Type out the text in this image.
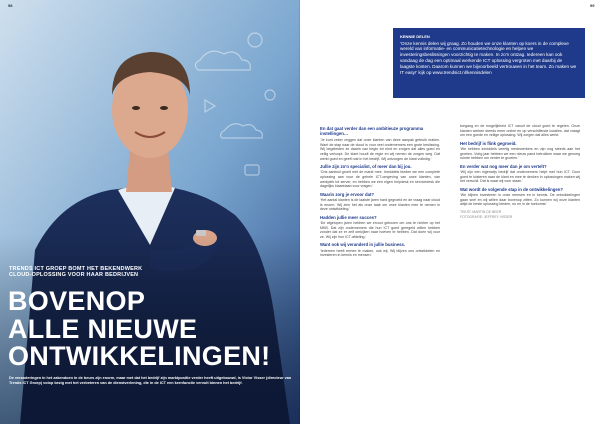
98
TRENDS ICT GROEP BOMT HET BEKENDWERK
CLOUD-OPLOSSING VOOR HAAR BEDRIJVEN
BOVENOP
ALLE NIEUWE
ONTWIKKELINGEN!

De veranderingen in het zakendoen in de beurs zijn enorm, maar met dat het bedrijf zijn marktpositie verder heeft uitgebouwd, is Victor Visser (directeur van Trends ICT Groep) volop bezig met het verbeteren van de dienstverlening, die in de ICT een kernfunctie vervult binnen het bedrijf.

99
KENNIE DELEN
‘Onze kennis delen wij graag. Zo houden we onze klanten op koers in de complexe wereld van informatie- en communicatietechnologie en helpen we investeringsbeslissingen voorzichtig te maken. In zo'n ontzag. Iedereen kan ook vandaag de dag een optimaal werkende ICT oplossing vergroten met daarbij de laagste kosten. Daarom kunnen we bijvoorbeeld vertrouwen in het team. Zo maken we IT easy!’ kijk op www.trendsict.nl/kennisdelen
En dat gaat verder dan een ambitieuze programma instellingen…

‘Je kunt zeker zeggen dat onze klanten van deze aanpak gebruik maken. Want de stap naar de cloud is voor veel ondernemers een grote beslissing. Wij begeleiden ze daarin van begin tot eind en zorgen dat alles goed en veilig verloopt. De klant houdt de regie en wij nemen de zorgen weg. Dat werkt goed en geeft rust in het bedrijf. Wij ontzorgen de klant volledig.’

Jullie zijn zo'n specialist, of meer dan bij jou.

‘Ons aanbod groeit met de markt mee. Inmiddels bieden we een complete oplossing aan voor de gehele ICT-omgeving van onze klanten, van werkplek tot server, en hebben we een eigen helpdesk en servicedesk die dagelijks klaarstaan voor vragen.’

Waarin zorg je ervoor dat?

‘Het aantal klanten is de laatste jaren hard gegroeid en de vraag naar cloud is enorm. Wij zien het als onze taak om onze klanten mee te nemen in deze ontwikkeling.’

Hadden jullie meer succes?

‘De afgelopen jaren hebben we ervoor gekozen om ons te richten op het MKB. Dat zijn ondernemers die hun ICT goed geregeld willen hebben zonder dat ze er zelf omkijken naar hoeven te hebben. Dat doen wij voor ze. Wij zijn hun ICT-afdeling.’

Want ook wij veranderd in jullie business.

‘Iedereen heeft ermee te maken, ook wij. Wij blijven ons ontwikkelen en investeren in kennis en mensen.’

toegang en de mogelijkheid ICT vanuit de cloud goed te regelen. Onze klanten werken steeds meer online en op verschillende locaties, dat vraagt om een goede en veilige oplossing. Wij zorgen dat alles werkt.

Het bedrijf is flink gegroeid.

‘We hebben inmiddels veertig medewerkers en zijn nog steeds aan het groeien. Vorig jaar hebben we een nieuw pand betrokken waar we genoeg ruimte hebben om verder te groeien.’

En verder wat nog meer dan je om vertelt?

‘Wij zijn een eigenwijs bedrijf dat ondernemers helpt met hun ICT. Door goed te luisteren naar de klant en mee te denken in oplossingen maken wij het verschil. Dat is waar wij voor staan.’

Wat wordt de volgende stap in de ontwikkelingen?

‘We blijven investeren in onze mensen en in kennis. De ontwikkelingen gaan snel en wij willen daar bovenop zitten. Zo kunnen wij onze klanten altijd de beste oplossing bieden, nu en in de toekomst.’

TEKST: MARTIN DE BEER
FOTOGRAFIE: JEFFREY VISSER
